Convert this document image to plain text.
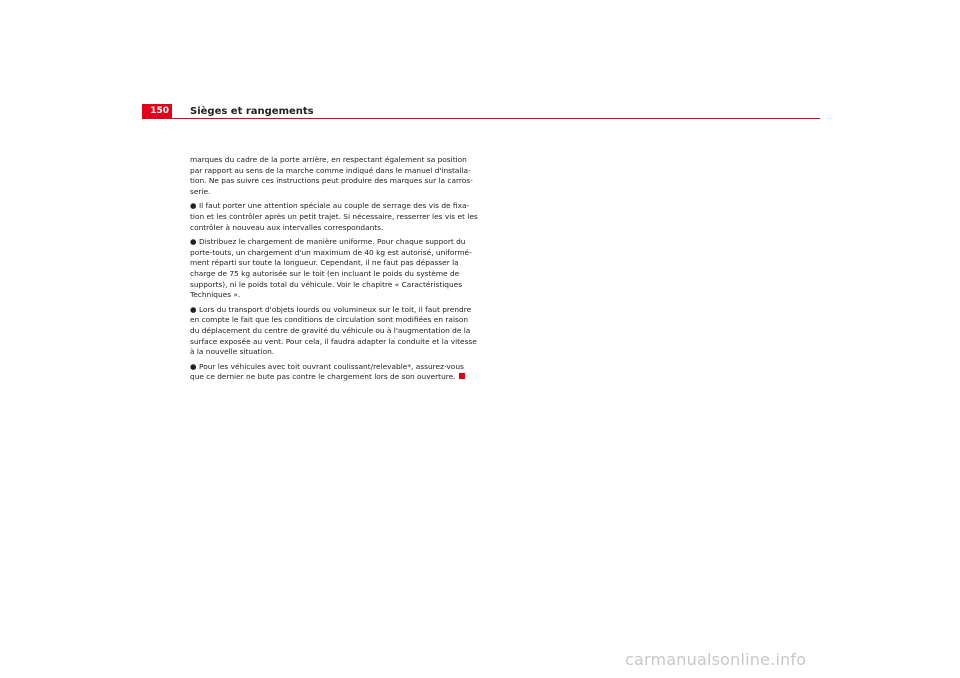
150	Sièges et rangements
marques du cadre de la porte arrière, en respectant également sa position
par rapport au sens de la marche comme indiqué dans le manuel d'installa-
tion. Ne pas suivre ces instructions peut produire des marques sur la carros-
serie.
● Il faut porter une attention spéciale au couple de serrage des vis de fixa-
tion et les contrôler après un petit trajet. Si nécessaire, resserrer les vis et les
contrôler à nouveau aux intervalles correspondants.
● Distribuez le chargement de manière uniforme. Pour chaque support du
porte-touts, un chargement d'un maximum de 40 kg est autorisé, uniformé-
ment réparti sur toute la longueur. Cependant, il ne faut pas dépasser la
charge de 75 kg autorisée sur le toit (en incluant le poids du système de
supports), ni le poids total du véhicule. Voir le chapitre « Caractéristiques
Techniques ».
● Lors du transport d'objets lourds ou volumineux sur le toit, il faut prendre
en compte le fait que les conditions de circulation sont modifiées en raison
du déplacement du centre de gravité du véhicule ou à l'augmentation de la
surface exposée au vent. Pour cela, il faudra adapter la conduite et la vitesse
à la nouvelle situation.
● Pour les véhicules avec toit ouvrant coulissant/relevable*, assurez-vous
que ce dernier ne bute pas contre le chargement lors de son ouverture.
carmanualsonline.info
